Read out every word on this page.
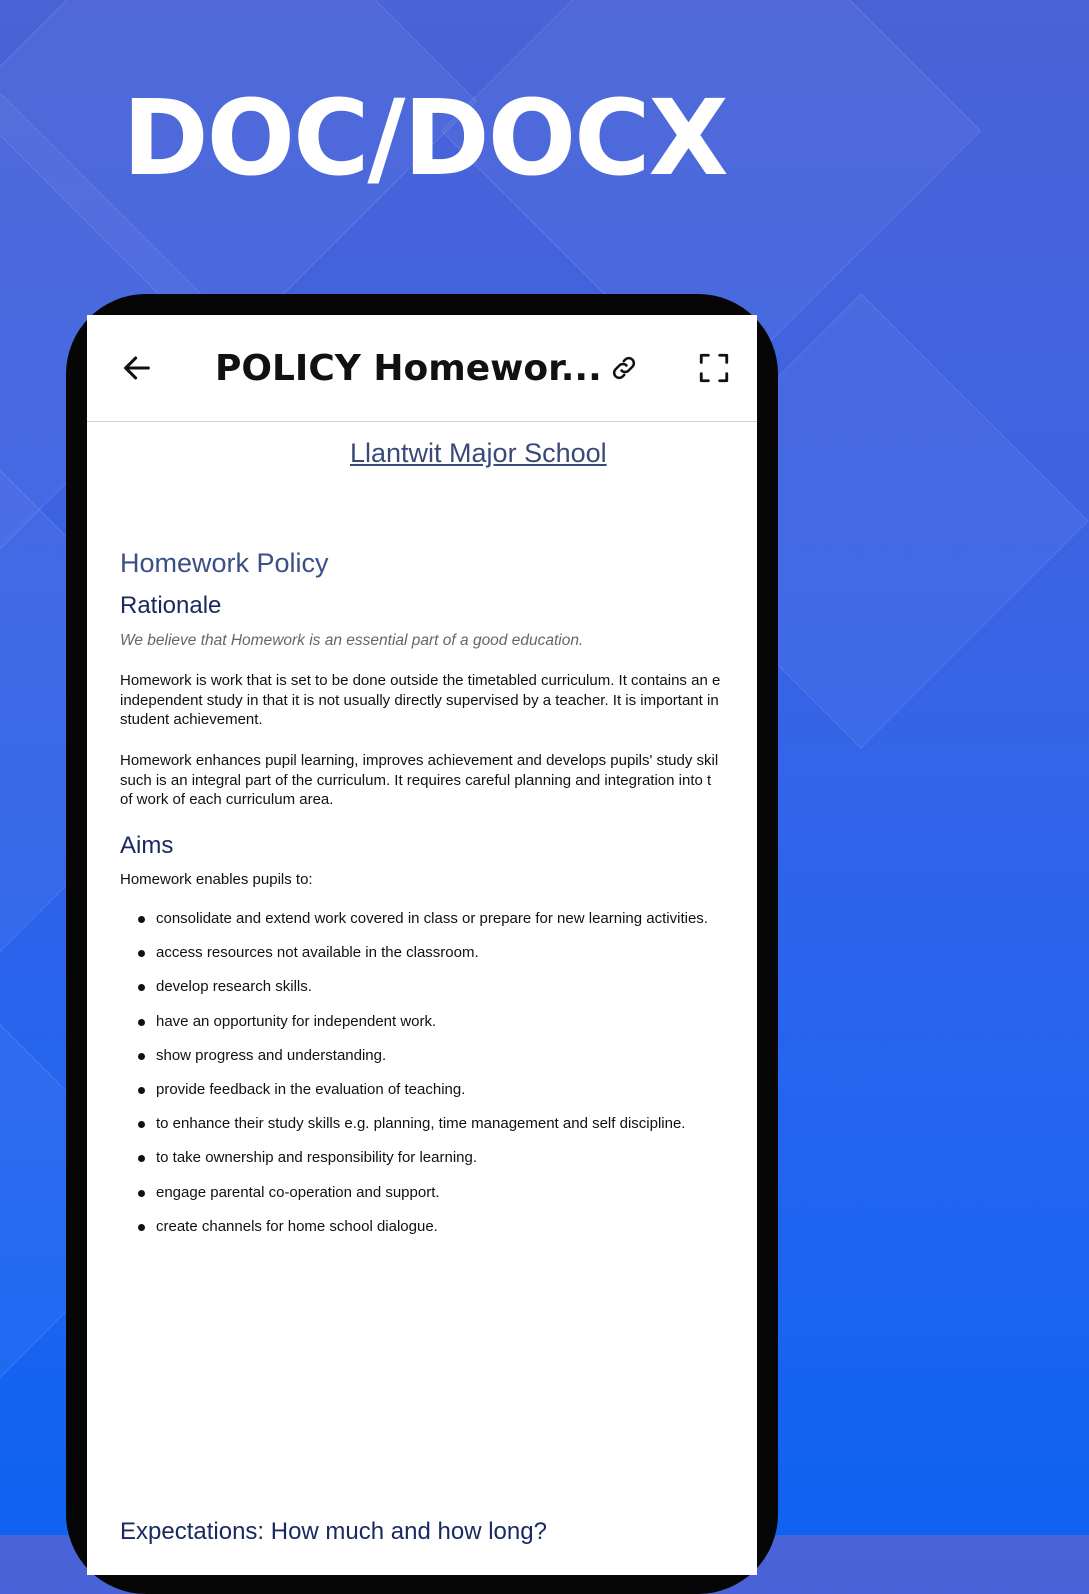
DOC/DOCX
POLICY Homewor...
Llantwit Major School
Homework Policy
Rationale
We believe that Homework is an essential part of a good education.
Homework is work that is set to be done outside the timetabled curriculum. It contains an e
independent study in that it is not usually directly supervised by a teacher. It is important in
student achievement.
Homework enhances pupil learning, improves achievement and develops pupils' study skil
such is an integral part of the curriculum. It requires careful planning and integration into t
of work of each curriculum area.
Aims
Homework enables pupils to:
consolidate and extend work covered in class or prepare for new learning activities.
access resources not available in the classroom.
develop research skills.
have an opportunity for independent work.
show progress and understanding.
provide feedback in the evaluation of teaching.
to enhance their study skills e.g. planning, time management and self discipline.
to take ownership and responsibility for learning.
engage parental co-operation and support.
create channels for home school dialogue.
Expectations: How much and how long?
